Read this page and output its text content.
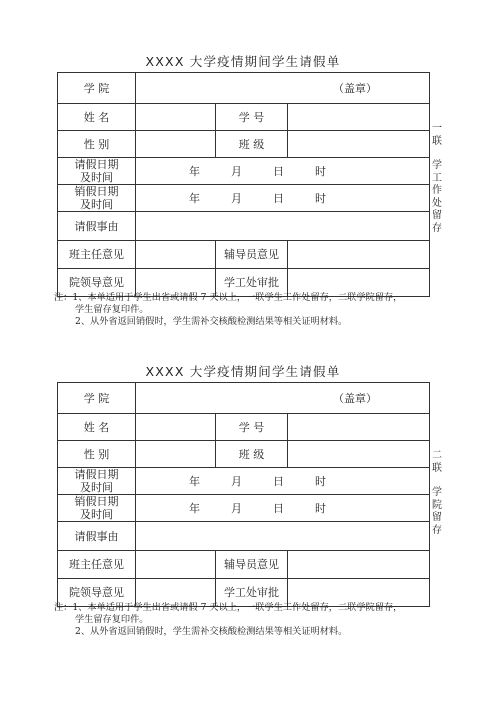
XXXX 大学疫情期间学生请假单
学 院	（盖章）		
姓 名		学 号	
性 别		班 级	

请假日期
及时间	年 月 日 时		

销假日期
及时间	年 月 日 时		
请假事由			
班主任意见		辅导员意见	
院领导意见		学工处审批	
注：1、本单适用于学生出省或请假 7 天以上，一联学生工作处留存，二联学院留存，
学生留存复印件。
2、从外省返回销假时，学生需补交核酸检测结果等相关证明材料。
一
联
学
工
作
处
留
存
XXXX 大学疫情期间学生请假单
学 院	（盖章）		
姓 名		学 号	
性 别		班 级	

请假日期
及时间	年 月 日 时		

销假日期
及时间	年 月 日 时		
请假事由			
班主任意见		辅导员意见	
院领导意见		学工处审批	
注：1、本单适用于学生出省或请假 7 天以上，一联学生工作处留存，二联学院留存，
学生留存复印件。
2、从外省返回销假时，学生需补交核酸检测结果等相关证明材料。
二
联
学
院
留
存
